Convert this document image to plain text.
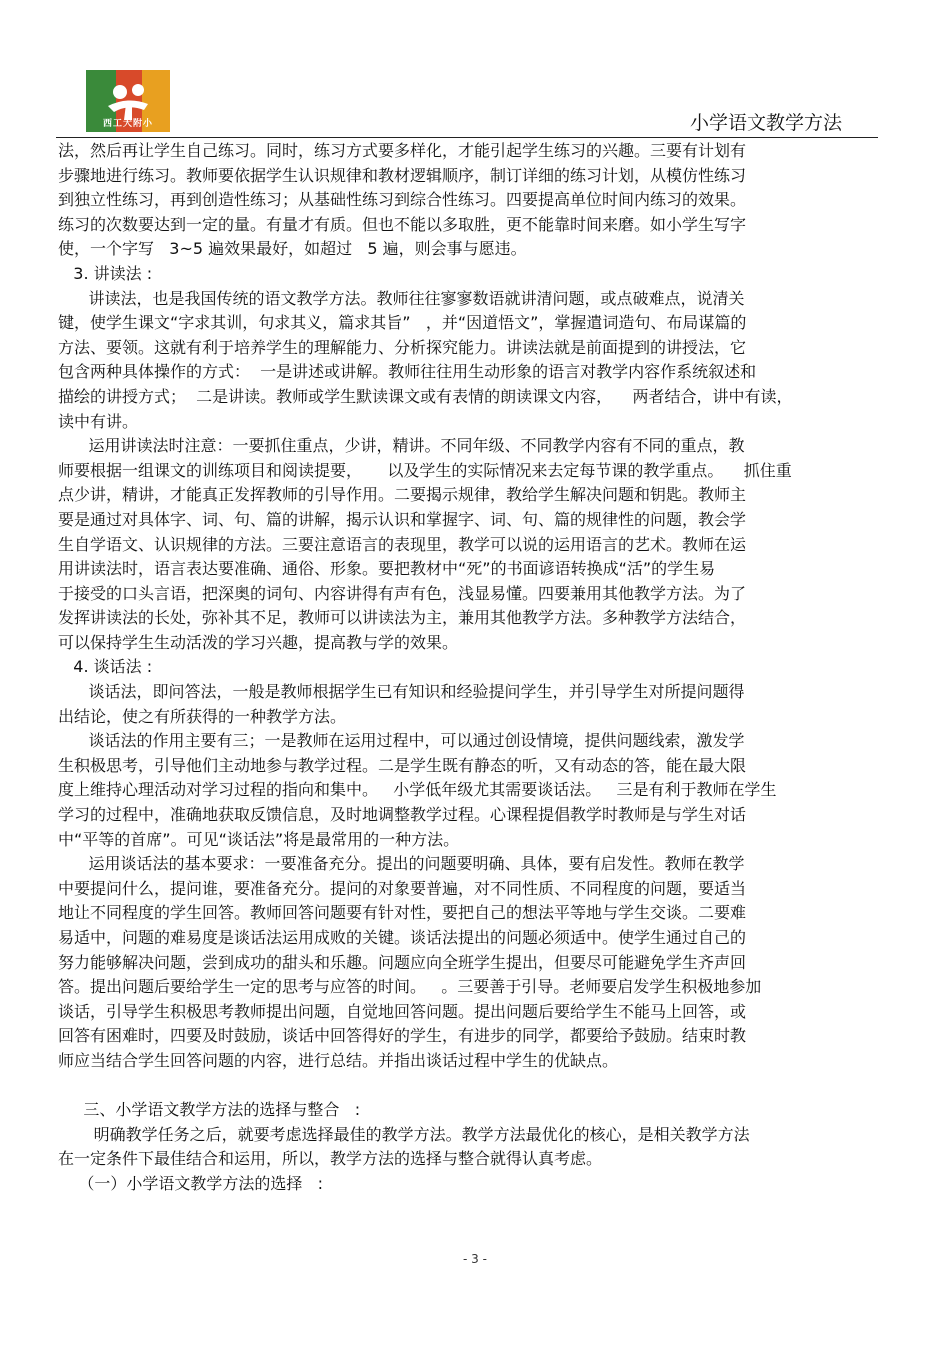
西工大附小	小学语文教学方法
法，然后再让学生自己练习。同时，练习方式要多样化，才能引起学生练习的兴趣。三要有计划有
步骤地进行练习。教师要依据学生认识规律和教材逻辑顺序，制订详细的练习计划，从模仿性练习
到独立性练习，再到创造性练习；从基础性练习到综合性练习。四要提高单位时间内练习的效果。
练习的次数要达到一定的量。有量才有质。但也不能以多取胜，更不能靠时间来磨。如小学生写字
使，一个字写   3~5 遍效果最好，如超过   5 遍，则会事与愿违。
3. 讲读法 :
讲读法，也是我国传统的语文教学方法。教师往往寥寥数语就讲清问题，或点破难点，说清关
键，使学生课文“字求其训，句求其义，篇求其旨”   ，并“因道悟文”，掌握遣词造句、布局谋篇的
方法、要领。这就有利于培养学生的理解能力、分析探究能力。讲读法就是前面提到的讲授法，它
包含两种具体操作的方式：  一是讲述或讲解。教师往往用生动形象的语言对教学内容作系统叙述和
描绘的讲授方式；  二是讲读。教师或学生默读课文或有表情的朗读课文内容，    两者结合，讲中有读，
读中有讲。
运用讲读法时注意：一要抓住重点，少讲，精讲。不同年级、不同教学内容有不同的重点，教
师要根据一组课文的训练项目和阅读提要，     以及学生的实际情况来去定每节课的教学重点。    抓住重
点少讲，精讲，才能真正发挥教师的引导作用。二要揭示规律，教给学生解决问题和钥匙。教师主
要是通过对具体字、词、句、篇的讲解，揭示认识和掌握字、词、句、篇的规律性的问题，教会学
生自学语文、认识规律的方法。三要注意语言的表现里，教学可以说的运用语言的艺术。教师在运
用讲读法时，语言表达要准确、通俗、形象。要把教材中“死”的书面谚语转换成“活”的学生易
于接受的口头言语，把深奥的词句、内容讲得有声有色，浅显易懂。四要兼用其他教学方法。为了
发挥讲读法的长处，弥补其不足，教师可以讲读法为主，兼用其他教学方法。多种教学方法结合，
可以保持学生生动活泼的学习兴趣，提高教与学的效果。
4. 谈话法 :
谈话法，即问答法，一般是教师根据学生已有知识和经验提问学生，并引导学生对所提问题得
出结论，使之有所获得的一种教学方法。
谈话法的作用主要有三；一是教师在运用过程中，可以通过创设情境，提供问题线索，激发学
生积极思考，引导他们主动地参与教学过程。二是学生既有静态的听，又有动态的答，能在最大限
度上维持心理活动对学习过程的指向和集中。   小学低年级尤其需要谈话法。   三是有利于教师在学生
学习的过程中，准确地获取反馈信息，及时地调整教学过程。心课程提倡教学时教师是与学生对话
中“平等的首席”。可见“谈话法”将是最常用的一种方法。
运用谈话法的基本要求：一要准备充分。提出的问题要明确、具体，要有启发性。教师在教学
中要提问什么，提问谁，要准备充分。提问的对象要普遍，对不同性质、不同程度的问题，要适当
地让不同程度的学生回答。教师回答问题要有针对性，要把自己的想法平等地与学生交谈。二要难
易适中，问题的难易度是谈话法运用成败的关键。谈话法提出的问题必须适中。使学生通过自己的
努力能够解决问题，尝到成功的甜头和乐趣。问题应向全班学生提出，但要尽可能避免学生齐声回
答。提出问题后要给学生一定的思考与应答的时间。   。三要善于引导。老师要启发学生积极地参加
谈话，引导学生积极思考教师提出问题，自觉地回答问题。提出问题后要给学生不能马上回答，或
回答有困难时，四要及时鼓励，谈话中回答得好的学生，有进步的同学，都要给予鼓励。结束时教
师应当结合学生回答问题的内容，进行总结。并指出谈话过程中学生的优缺点。
三、小学语文教学方法的选择与整合   :
明确教学任务之后，就要考虑选择最佳的教学方法。教学方法最优化的核心，是相关教学方法
在一定条件下最佳结合和运用，所以，教学方法的选择与整合就得认真考虑。
（一）小学语文教学方法的选择   :
- 3 -
